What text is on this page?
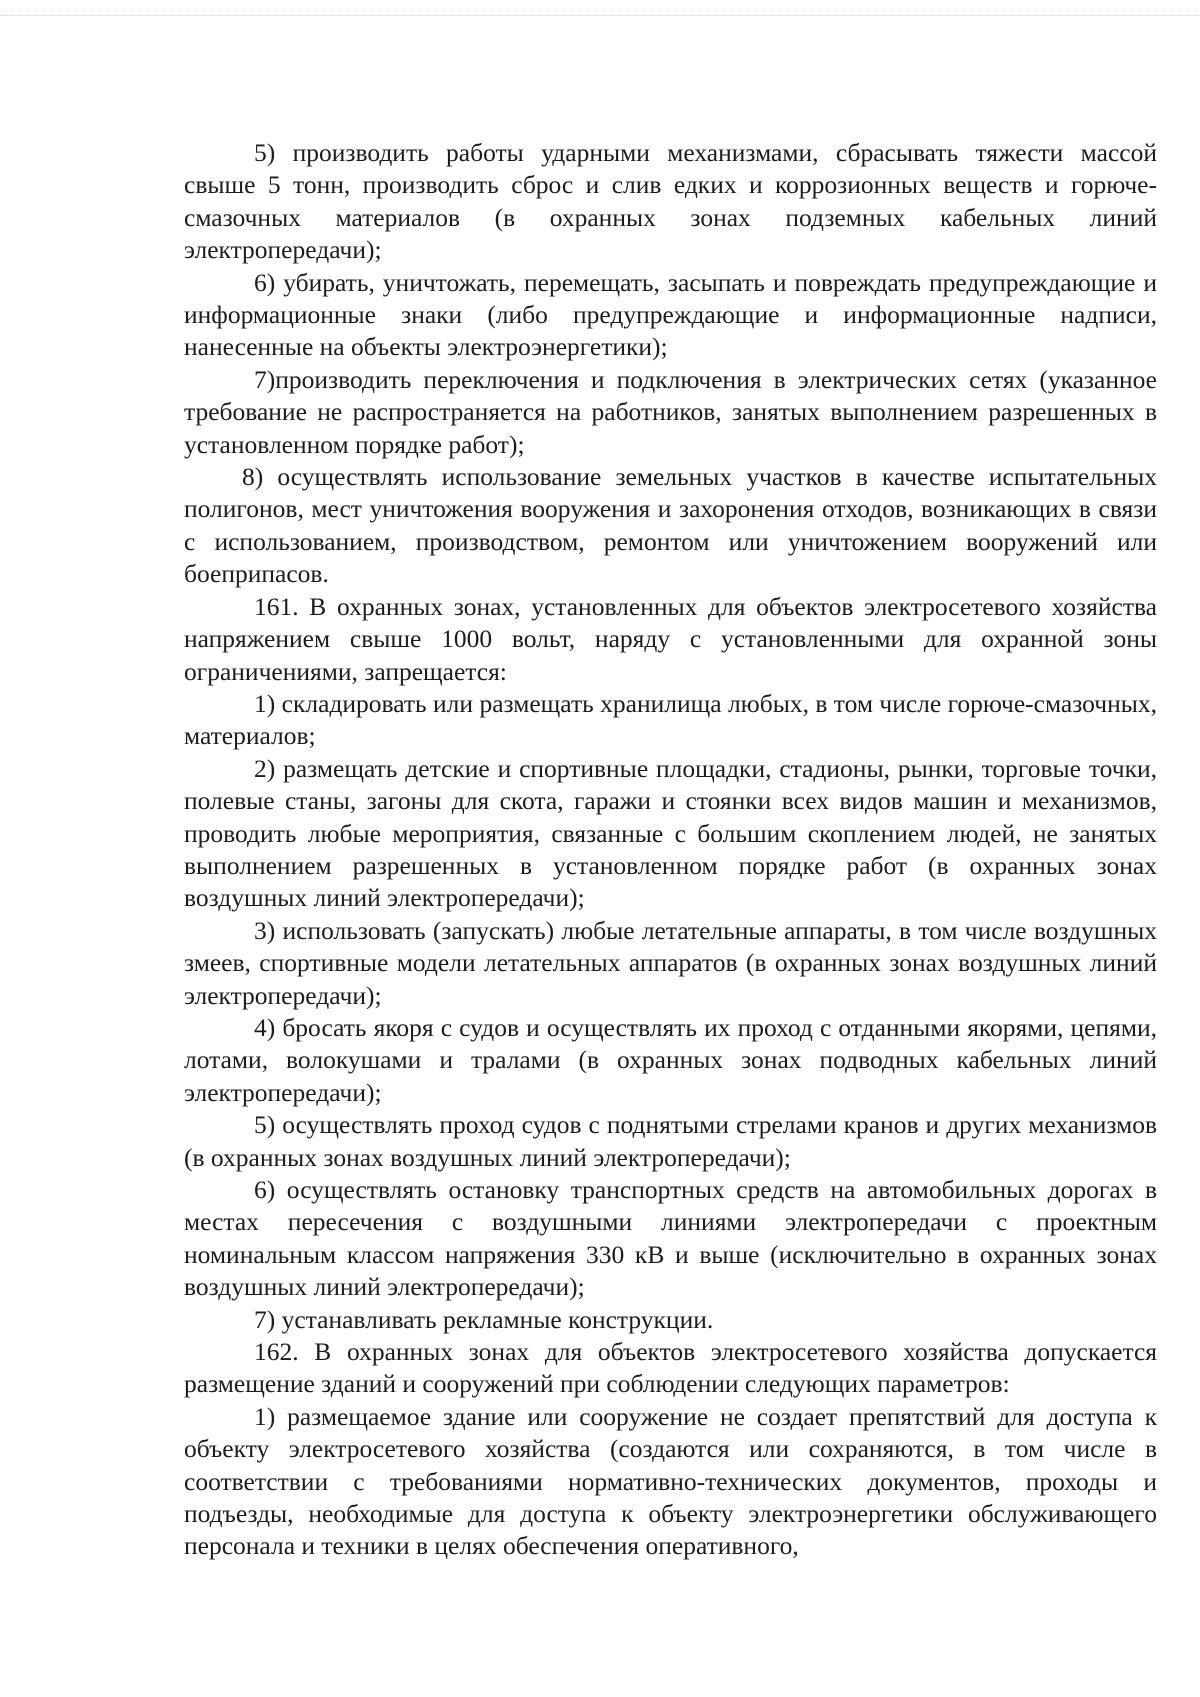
5) производить работы ударными механизмами, сбрасывать тяжести массой свыше 5 тонн, производить сброс и слив едких и коррозионных веществ и горюче-смазочных материалов (в охранных зонах подземных кабельных линий электропередачи);

6) убирать, уничтожать, перемещать, засыпать и повреждать предупреждающие и информационные знаки (либо предупреждающие и информационные надписи, нанесенные на объекты электроэнергетики);

7)производить переключения и подключения в электрических сетях (указанное требование не распространяется на работников, занятых выполнением разрешенных в установленном порядке работ);

8) осуществлять использование земельных участков в качестве испытательных полигонов, мест уничтожения вооружения и захоронения отходов, возникающих в связи с использованием, производством, ремонтом или уничтожением вооружений или боеприпасов.

161. В охранных зонах, установленных для объектов электросетевого хозяйства напряжением свыше 1000 вольт, наряду с установленными для охранной зоны ограничениями, запрещается:

1) складировать или размещать хранилища любых, в том числе горюче-смазочных, материалов;

2) размещать детские и спортивные площадки, стадионы, рынки, торговые точки, полевые станы, загоны для скота, гаражи и стоянки всех видов машин и механизмов, проводить любые мероприятия, связанные с большим скоплением людей, не занятых выполнением разрешенных в установленном порядке работ (в охранных зонах воздушных линий электропередачи);

3) использовать (запускать) любые летательные аппараты, в том числе воздушных змеев, спортивные модели летательных аппаратов (в охранных зонах воздушных линий электропередачи);

4) бросать якоря с судов и осуществлять их проход с отданными якорями, цепями, лотами, волокушами и тралами (в охранных зонах подводных кабельных линий электропередачи);

5) осуществлять проход судов с поднятыми стрелами кранов и других механизмов (в охранных зонах воздушных линий электропередачи);

6) осуществлять остановку транспортных средств на автомобильных дорогах в местах пересечения с воздушными линиями электропередачи с проектным номинальным классом напряжения 330 кВ и выше (исключительно в охранных зонах воздушных линий электропередачи);

7) устанавливать рекламные конструкции.

162. В охранных зонах для объектов электросетевого хозяйства допускается размещение зданий и сооружений при соблюдении следующих параметров:

1) размещаемое здание или сооружение не создает препятствий для доступа к объекту электросетевого хозяйства (создаются или сохраняются, в том числе в соответствии с требованиями нормативно-технических документов, проходы и подъезды, необходимые для доступа к объекту электроэнергетики обслуживающего персонала и техники в целях обеспечения оперативного,
